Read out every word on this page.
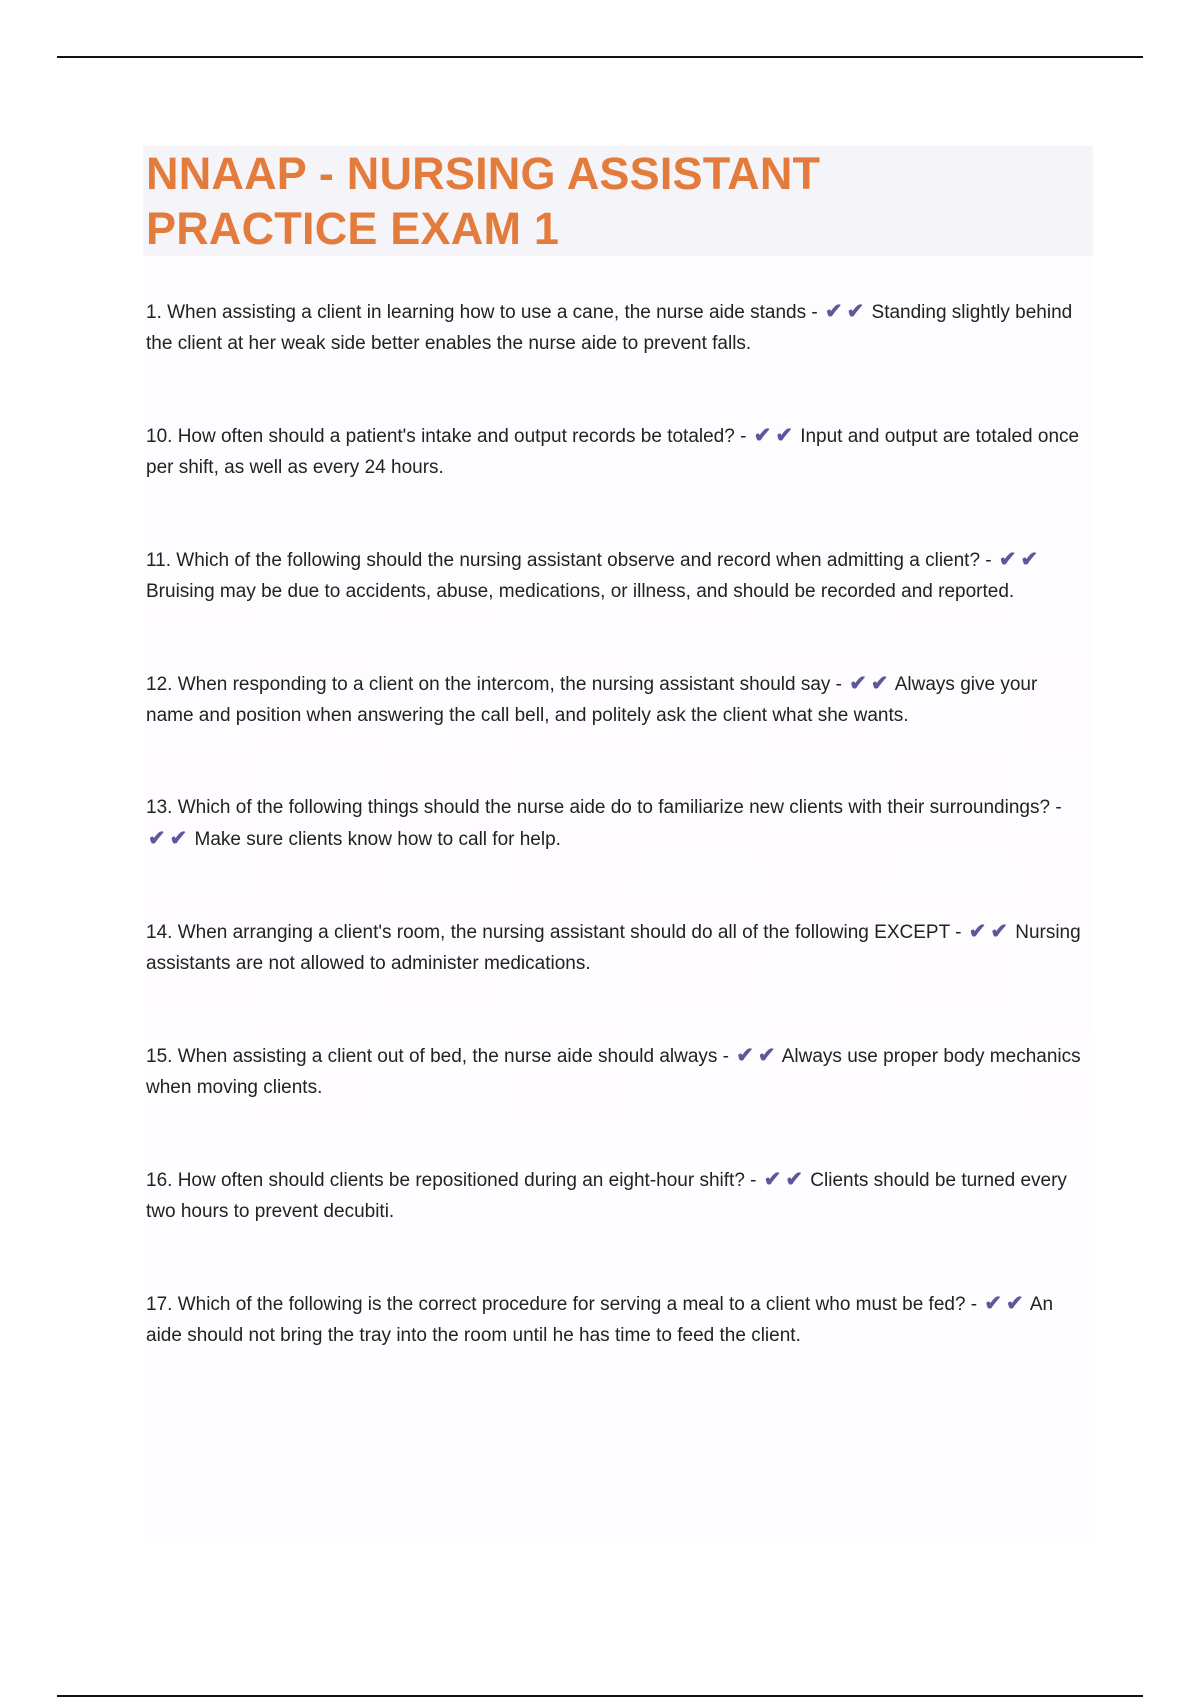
NNAAP - NURSING ASSISTANT
PRACTICE EXAM 1

1. When assisting a client in learning how to use a cane, the nurse aide stands - ✔ ✔ Standing slightly behind the client at her weak side better enables the nurse aide to prevent falls.

10. How often should a patient's intake and output records be totaled? - ✔ ✔ Input and output are totaled once per shift, as well as every 24 hours.

11. Which of the following should the nursing assistant observe and record when admitting a client? - ✔ ✔ Bruising may be due to accidents, abuse, medications, or illness, and should be recorded and reported.

12. When responding to a client on the intercom, the nursing assistant should say - ✔ ✔ Always give your name and position when answering the call bell, and politely ask the client what she wants.

13. Which of the following things should the nurse aide do to familiarize new clients with their surroundings? - ✔ ✔ Make sure clients know how to call for help.

14. When arranging a client's room, the nursing assistant should do all of the following EXCEPT - ✔ ✔ Nursing assistants are not allowed to administer medications.

15. When assisting a client out of bed, the nurse aide should always - ✔ ✔ Always use proper body mechanics when moving clients.

16. How often should clients be repositioned during an eight-hour shift? - ✔ ✔ Clients should be turned every two hours to prevent decubiti.

17. Which of the following is the correct procedure for serving a meal to a client who must be fed? - ✔ ✔ An aide should not bring the tray into the room until he has time to feed the client.
